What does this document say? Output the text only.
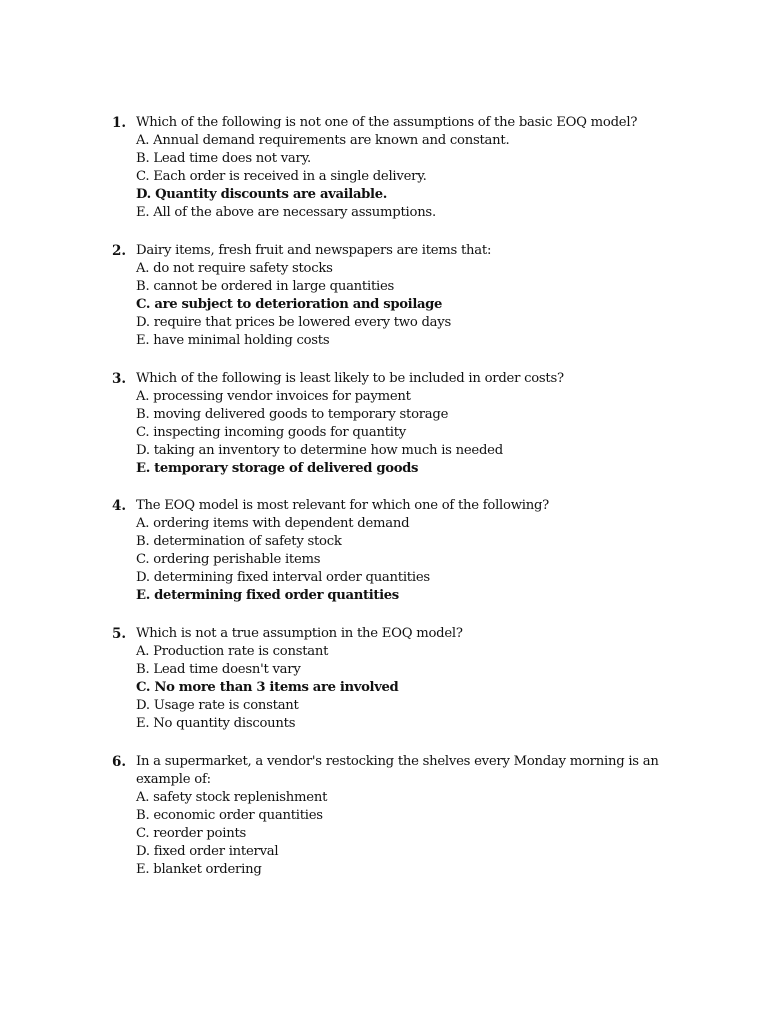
1. Which of the following is not one of the assumptions of the basic EOQ model?
A. Annual demand requirements are known and constant.
B. Lead time does not vary.
C. Each order is received in a single delivery.
D. Quantity discounts are available.
E. All of the above are necessary assumptions.
2. Dairy items, fresh fruit and newspapers are items that:
A. do not require safety stocks
B. cannot be ordered in large quantities
C. are subject to deterioration and spoilage
D. require that prices be lowered every two days
E. have minimal holding costs
3. Which of the following is least likely to be included in order costs?
A. processing vendor invoices for payment
B. moving delivered goods to temporary storage
C. inspecting incoming goods for quantity
D. taking an inventory to determine how much is needed
E. temporary storage of delivered goods
4. The EOQ model is most relevant for which one of the following?
A. ordering items with dependent demand
B. determination of safety stock
C. ordering perishable items
D. determining fixed interval order quantities
E. determining fixed order quantities
5. Which is not a true assumption in the EOQ model?
A. Production rate is constant
B. Lead time doesn't vary
C. No more than 3 items are involved
D. Usage rate is constant
E. No quantity discounts
6. In a supermarket, a vendor's restocking the shelves every Monday morning is an example of:
A. safety stock replenishment
B. economic order quantities
C. reorder points
D. fixed order interval
E. blanket ordering
